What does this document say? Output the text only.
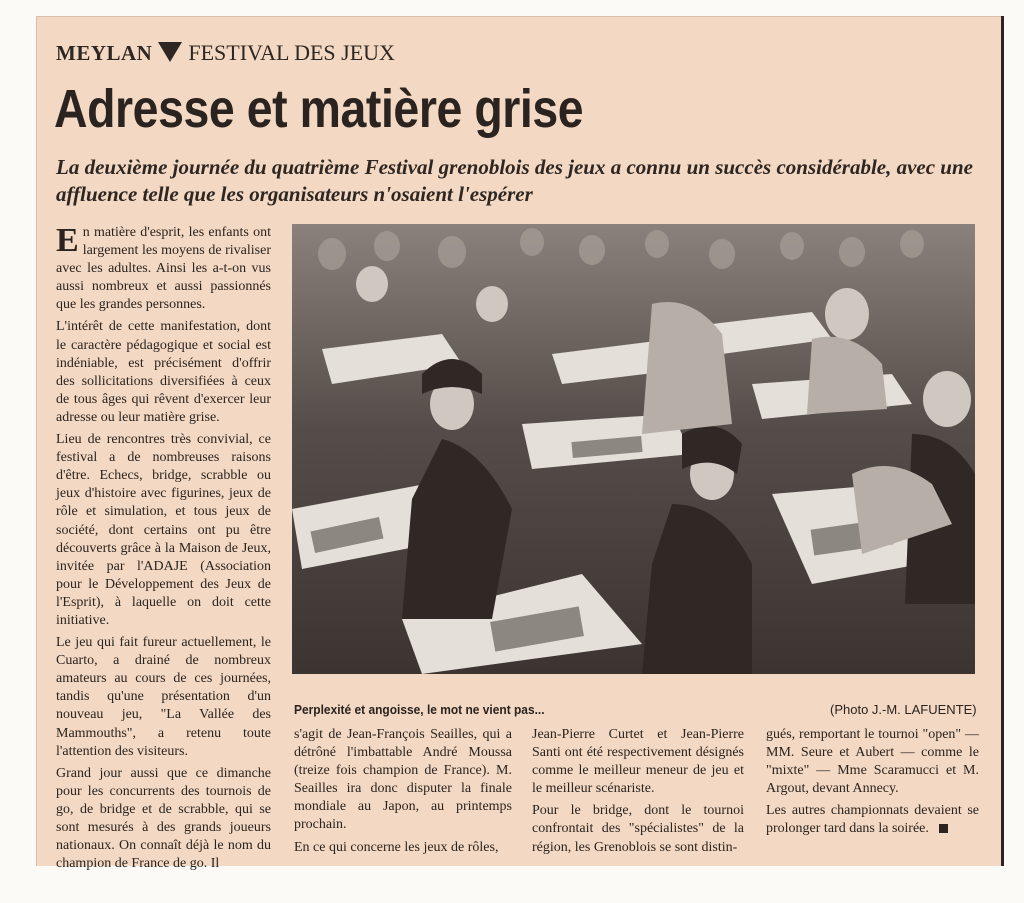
MEYLAN FESTIVAL DES JEUX
Adresse et matière grise
La deuxième journée du quatrième Festival grenoblois des jeux a connu un succès considérable, avec une affluence telle que les organisateurs n'osaient l'espérer

En matière d'esprit, les enfants ont largement les moyens de rivaliser avec les adultes. Ainsi les a-t-on vus aussi nombreux et aussi passionnés que les grandes personnes.

L'intérêt de cette manifestation, dont le caractère pédagogique et social est indéniable, est précisément d'offrir des sollicitations diversifiées à ceux de tous âges qui rêvent d'exercer leur adresse ou leur matière grise.

Lieu de rencontres très convivial, ce festival a de nombreuses raisons d'être. Echecs, bridge, scrabble ou jeux d'histoire avec figurines, jeux de rôle et simulation, et tous jeux de société, dont certains ont pu être découverts grâce à la Maison de Jeux, invitée par l'ADAJE (Association pour le Développement des Jeux de l'Esprit), à laquelle on doit cette initiative.

Le jeu qui fait fureur actuellement, le Cuarto, a drainé de nombreux amateurs au cours de ces journées, tandis qu'une présentation d'un nouveau jeu, "La Vallée des Mammouths", a retenu toute l'attention des visiteurs.

Grand jour aussi que ce dimanche pour les concurrents des tournois de go, de bridge et de scrabble, qui se sont mesurés à des grands joueurs nationaux. On connaît déjà le nom du champion de France de go. Il

Perplexité et angoisse, le mot ne vient pas...	(Photo J.-M. LAFUENTE)

s'agit de Jean-François Seailles, qui a détrôné l'imbattable André Moussa (treize fois champion de France). M. Seailles ira donc disputer la finale mondiale au Japon, au printemps prochain.

En ce qui concerne les jeux de rôles,

Jean-Pierre Curtet et Jean-Pierre Santi ont été respectivement désignés comme le meilleur meneur de jeu et le meilleur scénariste.

Pour le bridge, dont le tournoi confrontait des "spécialistes" de la région, les Grenoblois se sont distin-

gués, remportant le tournoi "open" — MM. Seure et Aubert — comme le "mixte" — Mme Scaramucci et M. Argout, devant Annecy.

Les autres championnats devaient se prolonger tard dans la soirée.
